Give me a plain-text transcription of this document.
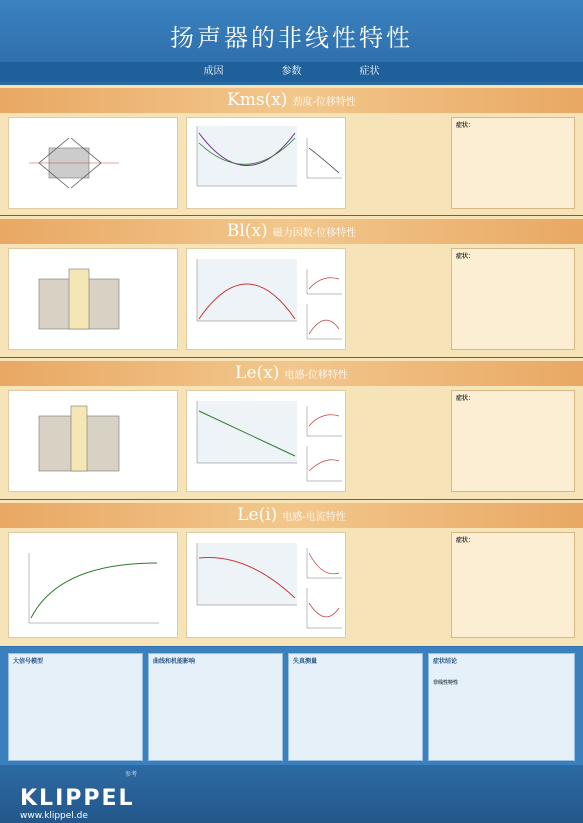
扬声器的非线性特性
成因	参数	症状
Kms(x) 劲度-位移特性
症状：
Bl(x) 磁力因数-位移特性
症状：
Le(x) 电感-位移特性
症状：
Le(i) 电感-电流特性
症状：
大信号模型	曲线和机能影响	失真测量	症状结论
非线性特性
KLIPPEL
www.klippel.de
参考
